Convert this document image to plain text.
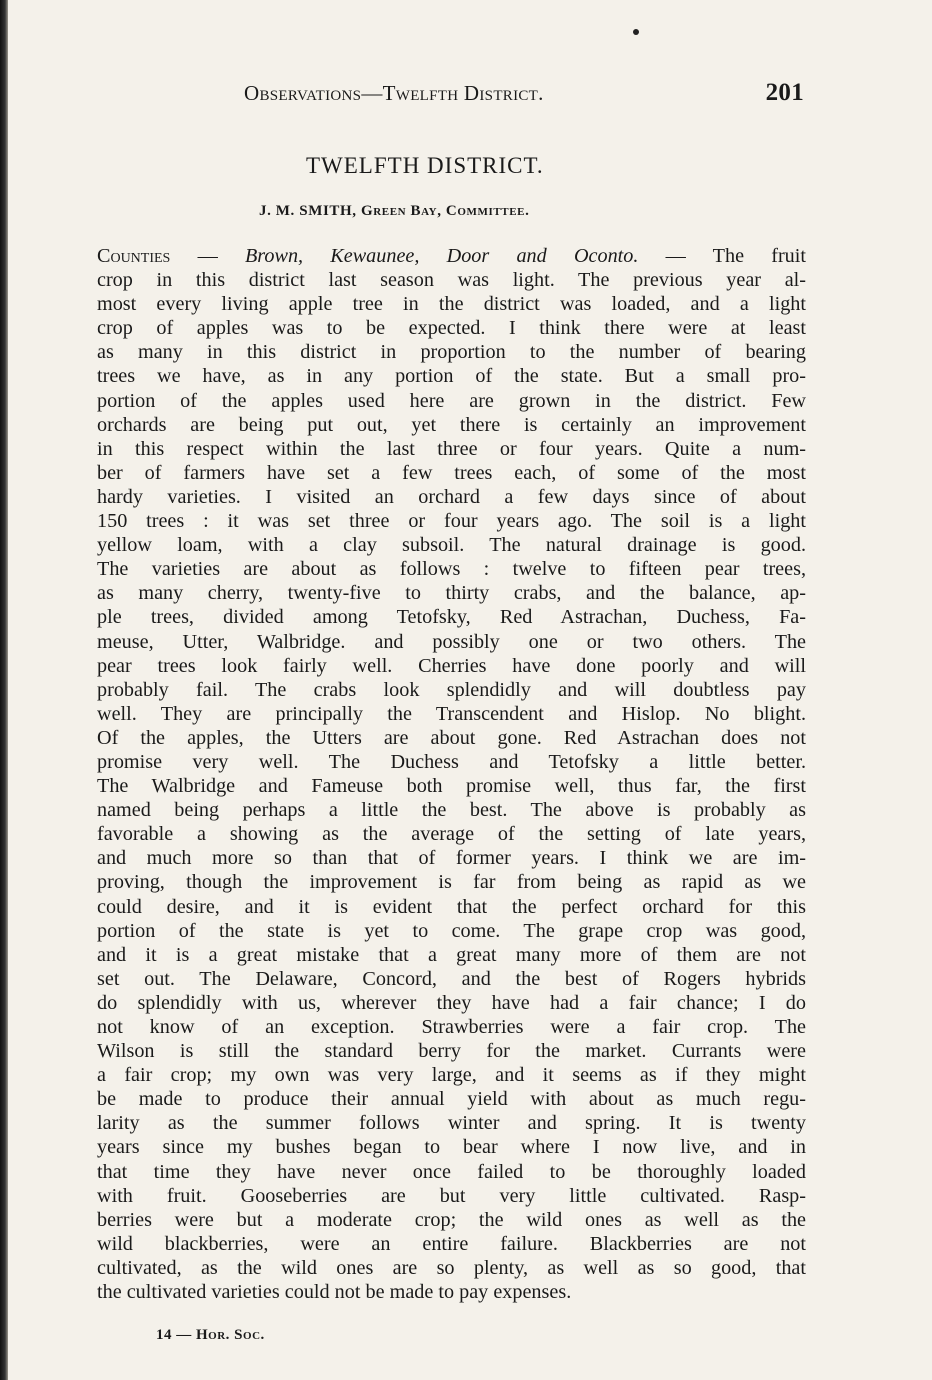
Observations—Twelfth District.	201
TWELFTH DISTRICT.
J. M. SMITH, Green Bay, Committee.
Counties — Brown, Kewaunee, Door and Oconto. — The fruit
crop in this district last season was light. The previous year al-
most every living apple tree in the district was loaded, and a light
crop of apples was to be expected. I think there were at least
as many in this district in proportion to the number of bearing
trees we have, as in any portion of the state. But a small pro-
portion of the apples used here are grown in the district. Few
orchards are being put out, yet there is certainly an improvement
in this respect within the last three or four years. Quite a num-
ber of farmers have set a few trees each, of some of the most
hardy varieties. I visited an orchard a few days since of about
150 trees : it was set three or four years ago. The soil is a light
yellow loam, with a clay subsoil. The natural drainage is good.
The varieties are about as follows : twelve to fifteen pear trees,
as many cherry, twenty-five to thirty crabs, and the balance, ap-
ple trees, divided among Tetofsky, Red Astrachan, Duchess, Fa-
meuse, Utter, Walbridge. and possibly one or two others. The
pear trees look fairly well. Cherries have done poorly and will
probably fail. The crabs look splendidly and will doubtless pay
well. They are principally the Transcendent and Hislop. No blight.
Of the apples, the Utters are about gone. Red Astrachan does not
promise very well. The Duchess and Tetofsky a little better.
The Walbridge and Fameuse both promise well, thus far, the first
named being perhaps a little the best. The above is probably as
favorable a showing as the average of the setting of late years,
and much more so than that of former years. I think we are im-
proving, though the improvement is far from being as rapid as we
could desire, and it is evident that the perfect orchard for this
portion of the state is yet to come. The grape crop was good,
and it is a great mistake that a great many more of them are not
set out. The Delaware, Concord, and the best of Rogers hybrids
do splendidly with us, wherever they have had a fair chance; I do
not know of an exception. Strawberries were a fair crop. The
Wilson is still the standard berry for the market. Currants were
a fair crop; my own was very large, and it seems as if they might
be made to produce their annual yield with about as much regu-
larity as the summer follows winter and spring. It is twenty
years since my bushes began to bear where I now live, and in
that time they have never once failed to be thoroughly loaded
with fruit. Gooseberries are but very little cultivated. Rasp-
berries were but a moderate crop; the wild ones as well as the
wild blackberries, were an entire failure. Blackberries are not
cultivated, as the wild ones are so plenty, as well as so good, that
the cultivated varieties could not be made to pay expenses.
14 — Hor. Soc.
